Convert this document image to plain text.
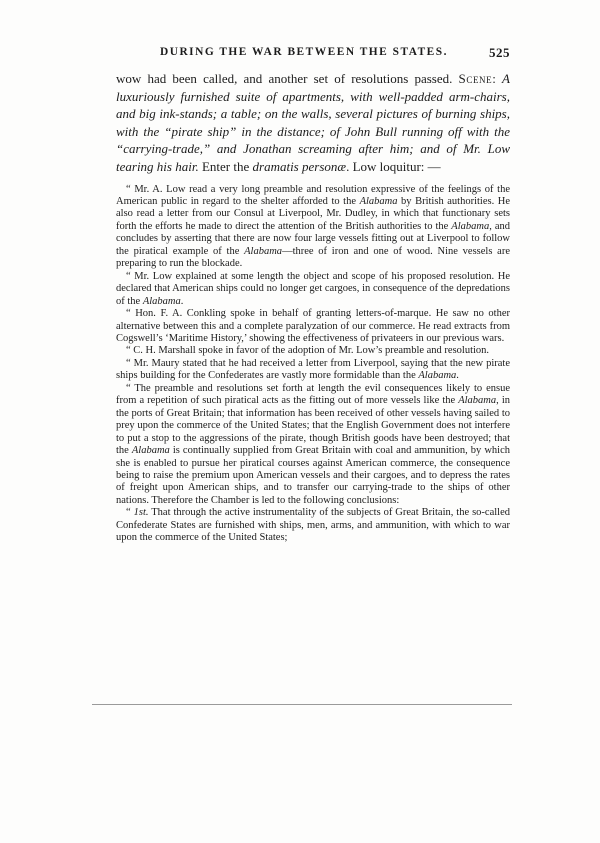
DURING THE WAR BETWEEN THE STATES.	525

wow had been called, and another set of resolutions passed. Scene: A luxuriously furnished suite of apartments, with well-padded arm-chairs, and big ink-stands; a table; on the walls, several pictures of burning ships, with the “pirate ship” in the distance; of John Bull running off with the “carrying-trade,” and Jonathan screaming after him; and of Mr. Low tearing his hair. Enter the dramatis personæ. Low loquitur: —

“ Mr. A. Low read a very long preamble and resolution expressive of the feelings of the American public in regard to the shelter afforded to the Alabama by British authorities. He also read a letter from our Consul at Liverpool, Mr. Dudley, in which that functionary sets forth the efforts he made to direct the attention of the British authorities to the Alabama, and concludes by asserting that there are now four large vessels fitting out at Liverpool to follow the piratical example of the Alabama—three of iron and one of wood. Nine vessels are preparing to run the blockade.

“ Mr. Low explained at some length the object and scope of his proposed resolution. He declared that American ships could no longer get cargoes, in consequence of the depredations of the Alabama.

“ Hon. F. A. Conkling spoke in behalf of granting letters-of-marque. He saw no other alternative between this and a complete paralyzation of our commerce. He read extracts from Cogswell’s ‘Maritime History,’ showing the effectiveness of privateers in our previous wars.

“ C. H. Marshall spoke in favor of the adoption of Mr. Low’s preamble and resolution.

“ Mr. Maury stated that he had received a letter from Liverpool, saying that the new pirate ships building for the Confederates are vastly more formidable than the Alabama.

“ The preamble and resolutions set forth at length the evil consequences likely to ensue from a repetition of such piratical acts as the fitting out of more vessels like the Alabama, in the ports of Great Britain; that information has been received of other vessels having sailed to prey upon the commerce of the United States; that the English Government does not interfere to put a stop to the aggressions of the pirate, though British goods have been destroyed; that the Alabama is continually supplied from Great Britain with coal and ammunition, by which she is enabled to pursue her piratical courses against American commerce, the consequence being to raise the premium upon American vessels and their cargoes, and to depress the rates of freight upon American ships, and to transfer our carrying-trade to the ships of other nations. Therefore the Chamber is led to the following conclusions:

“ 1st. That through the active instrumentality of the subjects of Great Britain, the so-called Confederate States are furnished with ships, men, arms, and ammunition, with which to war upon the commerce of the United States;
